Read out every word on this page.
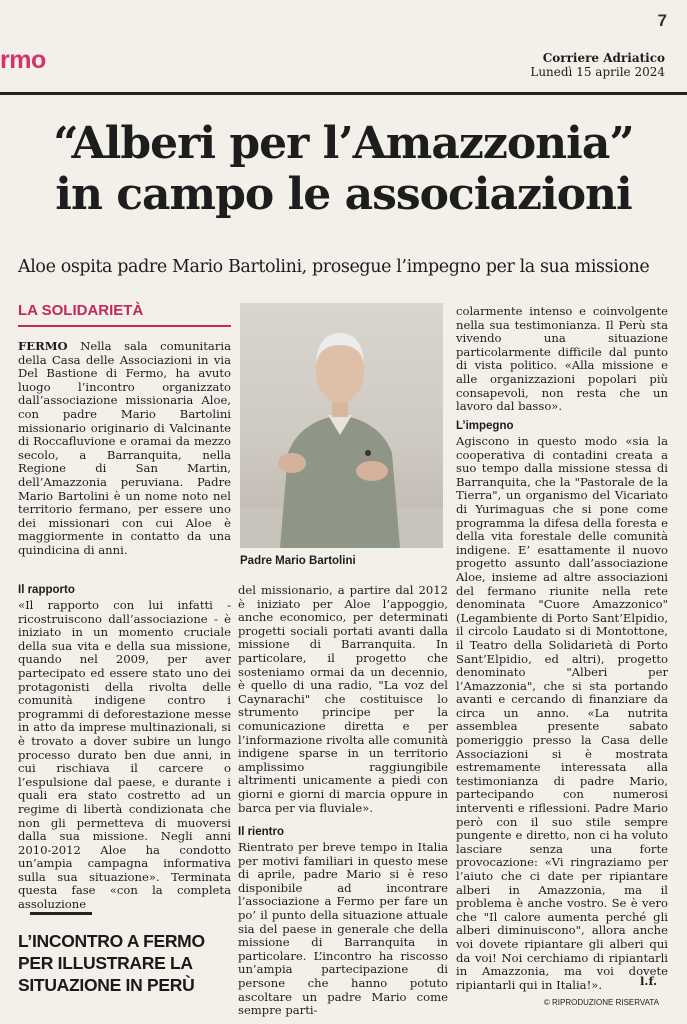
rmo
7
Corriere Adriatico
Lunedì 15 aprile 2024
“Alberi per l’Amazzonia”
in campo le associazioni
Aloe ospita padre Mario Bartolini, prosegue l’impegno per la sua missione
LA SOLIDARIETÀ

FERMO Nella sala comunitaria della Casa delle Associazioni in via Del Bastione di Fermo, ha avuto luogo l’incontro organizzato dall’associazione missionaria Aloe, con padre Mario Bartolini missionario originario di Valcinante di Roccafluvione e oramai da mezzo secolo, a Barranquita, nella Regione di San Martin, dell’Amazzonia peruviana. Padre Mario Bartolini è un nome noto nel territorio fermano, per essere uno dei missionari con cui Aloe è maggiormente in contatto da una quindicina di anni.

Il rapporto

«Il rapporto con lui infatti - ricostruiscono dall’associazione - è iniziato in un momento cruciale della sua vita e della sua missione, quando nel 2009, per aver partecipato ed essere stato uno dei protagonisti della rivolta delle comunità indigene contro i programmi di deforestazione messe in atto da imprese multinazionali, si è trovato a dover subire un lungo processo durato ben due anni, in cui rischiava il carcere o l’espulsione dal paese, e durante i quali era stato costretto ad un regime di libertà condizionata che non gli permetteva di muoversi dalla sua missione. Negli anni 2010-2012 Aloe ha condotto un’ampia campagna informativa sulla sua situazione». Terminata questa fase «con la completa assoluzione

Padre Mario Bartolini

del missionario, a partire dal 2012 è iniziato per Aloe l’appoggio, anche economico, per determinati progetti sociali portati avanti dalla missione di Barranquita. In particolare, il progetto che sosteniamo ormai da un decennio, è quello di una radio, "La voz del Caynarachi" che costituisce lo strumento principe per la comunicazione diretta e per l’informazione rivolta alle comunità indigene sparse in un territorio amplissimo raggiungibile altrimenti unicamente a piedi con giorni e giorni di marcia oppure in barca per via fluviale».

Il rientro

Rientrato per breve tempo in Italia per motivi familiari in questo mese di aprile, padre Mario si è reso disponibile ad incontrare l’associazione a Fermo per fare un po’ il punto della situazione attuale sia del paese in generale che della missione di Barranquita in particolare. L’incontro ha riscosso un’ampia partecipazione di persone che hanno potuto ascoltare un padre Mario come sempre parti-

colarmente intenso e coinvolgente nella sua testimonianza. Il Perù sta vivendo una situazione particolarmente difficile dal punto di vista politico. «Alla missione e alle organizzazioni popolari più consapevoli, non resta che un lavoro dal basso».

L’impegno

Agiscono in questo modo «sia la cooperativa di contadini creata a suo tempo dalla missione stessa di Barranquita, che la "Pastorale de la Tierra", un organismo del Vicariato di Yurimaguas che si pone come programma la difesa della foresta e della vita forestale delle comunità indigene. E’ esattamente il nuovo progetto assunto dall’associazione Aloe, insieme ad altre associazioni del fermano riunite nella rete denominata "Cuore Amazzonico" (Legambiente di Porto Sant’Elpidio, il circolo Laudato si di Montottone, il Teatro della Solidarietà di Porto Sant’Elpidio, ed altri), progetto denominato "Alberi per l’Amazzonia", che si sta portando avanti e cercando di finanziare da circa un anno. «La nutrita assemblea presente sabato pomeriggio presso la Casa delle Associazioni si è mostrata estremamente interessata alla testimonianza di padre Mario, partecipando con numerosi interventi e riflessioni. Padre Mario però con il suo stile sempre pungente e diretto, non ci ha voluto lasciare senza una forte provocazione: «Vi ringraziamo per l’aiuto che ci date per ripiantare alberi in Amazzonia, ma il problema è anche vostro. Se è vero che "Il calore aumenta perché gli alberi diminuiscono", allora anche voi dovete ripiantare gli alberi qui da voi! Noi cerchiamo di ripiantarli in Amazzonia, ma voi dovete ripiantarli qui in Italia!».	l.f.
© RIPRODUZIONE RISERVATA
L’INCONTRO A FERMO PER ILLUSTRARE LA SITUAZIONE IN PERÙ
